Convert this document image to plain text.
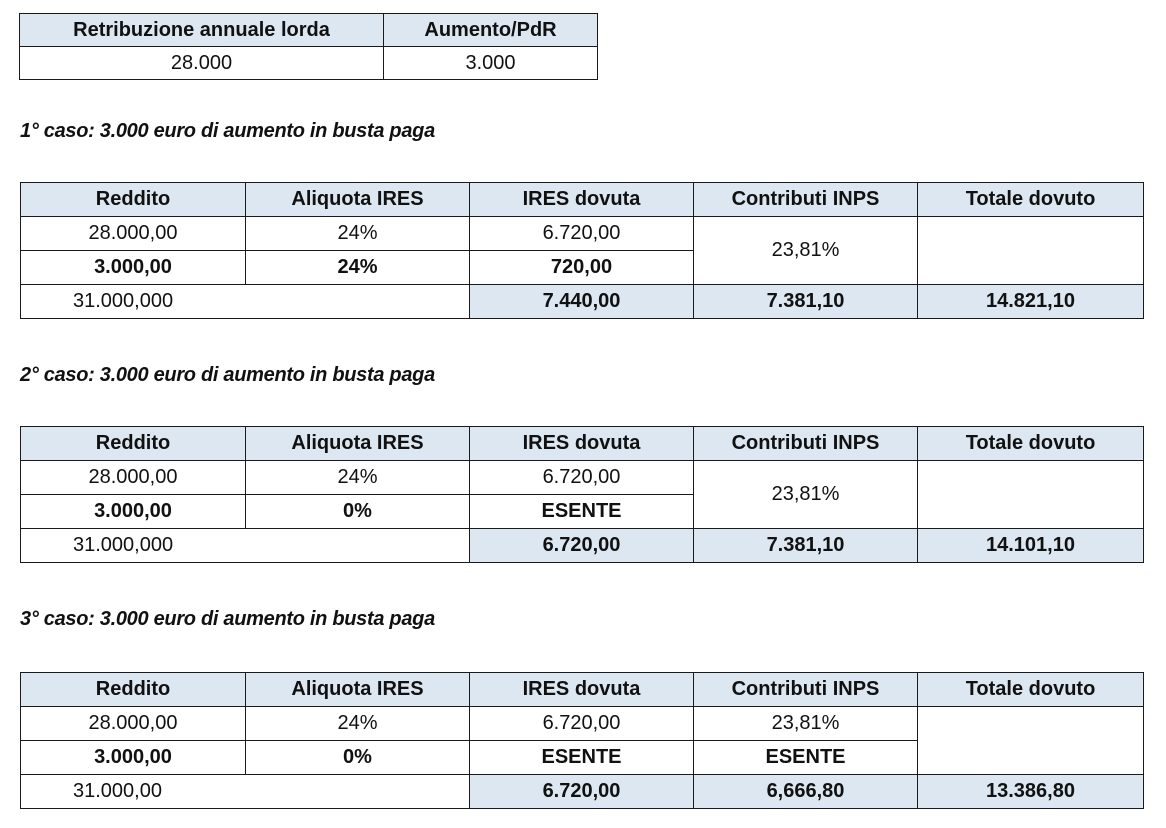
Retribuzione annuale lorda	Aumento/PdR
28.000	3.000
1° caso: 3.000 euro di aumento in busta paga
Reddito	Aliquota IRES	IRES dovuta	Contributi INPS	Totale dovuto
28.000,00	24%	6.720,00	23,81%	
3.000,00	24%	720,00		
31.000,000		7.440,00	7.381,10	14.821,10
2° caso: 3.000 euro di aumento in busta paga
Reddito	Aliquota IRES	IRES dovuta	Contributi INPS	Totale dovuto
28.000,00	24%	6.720,00	23,81%	
3.000,00	0%	ESENTE		
31.000,000		6.720,00	7.381,10	14.101,10
3° caso: 3.000 euro di aumento in busta paga
Reddito	Aliquota IRES	IRES dovuta	Contributi INPS	Totale dovuto
28.000,00	24%	6.720,00	23,81%	
3.000,00	0%	ESENTE	ESENTE	
31.000,00		6.720,00	6,666,80	13.386,80
